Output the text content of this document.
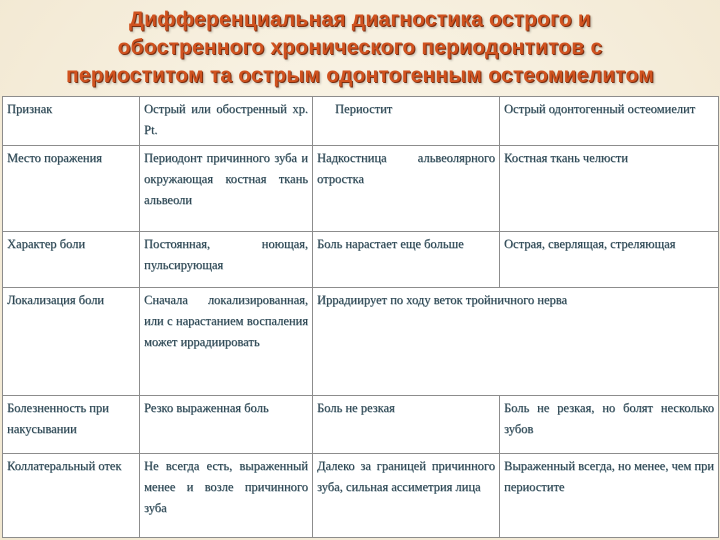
Дифференциальная диагностика острого и
обостренного хронического периодонтитов с
периоститом та острым одонтогенным остеомиелитом
Признак	Острый или обостренный хр. Pt.	Периостит	Острый одонтогенный остеомиелит
Место поражения	Периодонт причинного зуба и окружающая костная ткань альвеоли	Надкостница альвеолярного отростка	Костная ткань челюсти
Характер боли	Постоянная, ноющая, пульсирующая	Боль нарастает еще больше	Острая, сверлящая, стреляющая
Локализация боли	Сначала локализированная, или с нарастанием воспаления может иррадиировать	Иррадиирует по ходу веток тройничного нерва	
Болезненность при накусывании	Резко выраженная боль	Боль не резкая	Боль не резкая, но болят несколько зубов
Коллатеральный отек	Не всегда есть, выраженный менее и возле причинного зуба	Далеко за границей причинного зуба, сильная ассиметрия лица	Выраженный всегда, но менее, чем при периостите
